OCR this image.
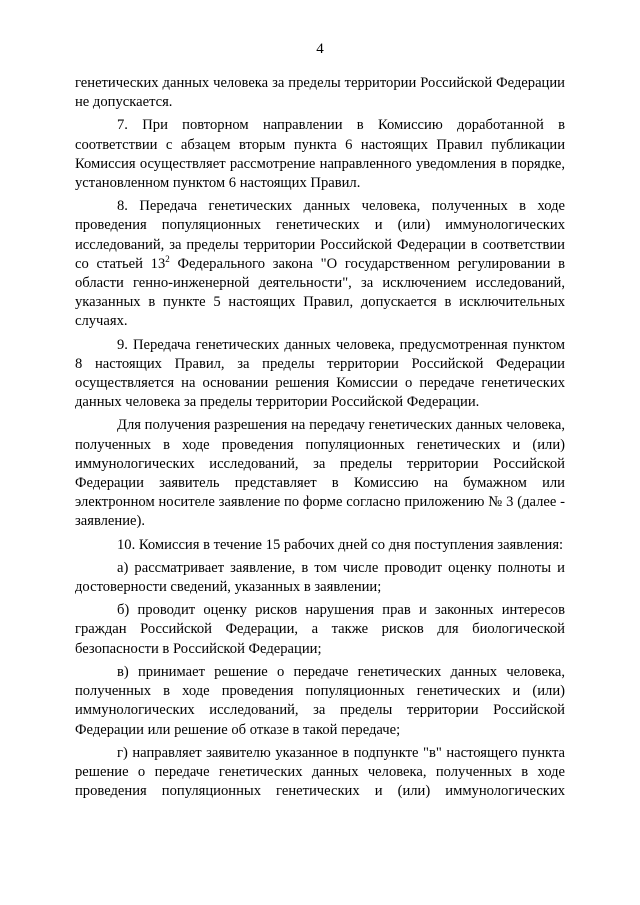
4

генетических данных человека за пределы территории Российской Федерации не допускается.

7. При повторном направлении в Комиссию доработанной в соответствии с абзацем вторым пункта 6 настоящих Правил публикации Комиссия осуществляет рассмотрение направленного уведомления в порядке, установленном пунктом 6 настоящих Правил.

8. Передача генетических данных человека, полученных в ходе проведения популяционных генетических и (или) иммунологических исследований, за пределы территории Российской Федерации в соответствии со статьей $13^2$ Федерального закона "О государственном регулировании в области генно-инженерной деятельности", за исключением исследований, указанных в пункте 5 настоящих Правил, допускается в исключительных случаях.

9. Передача генетических данных человека, предусмотренная пунктом 8 настоящих Правил, за пределы территории Российской Федерации осуществляется на основании решения Комиссии о передаче генетических данных человека за пределы территории Российской Федерации.

Для получения разрешения на передачу генетических данных человека, полученных в ходе проведения популяционных генетических и (или) иммунологических исследований, за пределы территории Российской Федерации заявитель представляет в Комиссию на бумажном или электронном носителе заявление по форме согласно приложению № 3 (далее - заявление).

10. Комиссия в течение 15 рабочих дней со дня поступления заявления:

а) рассматривает заявление, в том числе проводит оценку полноты и достоверности сведений, указанных в заявлении;

б) проводит оценку рисков нарушения прав и законных интересов граждан Российской Федерации, а также рисков для биологической безопасности в Российской Федерации;

в) принимает решение о передаче генетических данных человека, полученных в ходе проведения популяционных генетических и (или) иммунологических исследований, за пределы территории Российской Федерации или решение об отказе в такой передаче;

г) направляет заявителю указанное в подпункте "в" настоящего пункта решение о передаче генетических данных человека, полученных в ходе проведения популяционных генетических и (или) иммунологических
